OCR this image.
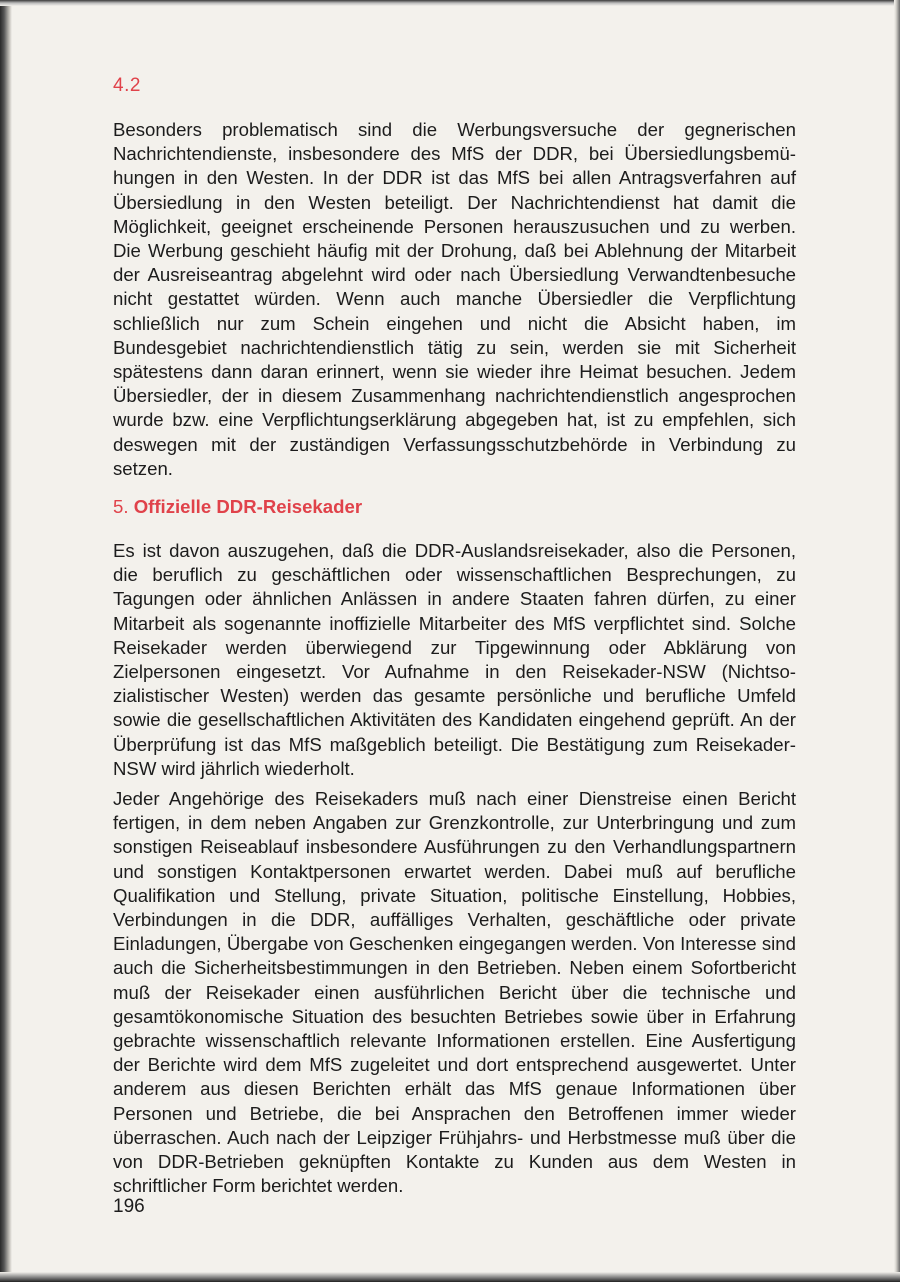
4.2

Besonders problematisch sind die Werbungsversuche der gegnerischen Nachrichtendienste, insbesondere des MfS der DDR, bei Übersiedlungsbemühungen in den Westen. In der DDR ist das MfS bei allen Antragsverfahren auf Übersiedlung in den Westen beteiligt. Der Nachrichtendienst hat damit die Möglichkeit, geeignet erscheinende Personen herauszusuchen und zu werben. Die Werbung geschieht häufig mit der Drohung, daß bei Ablehnung der Mitarbeit der Ausreiseantrag abgelehnt wird oder nach Übersiedlung Verwandtenbesuche nicht gestattet würden. Wenn auch manche Übersiedler die Verpflichtung schließlich nur zum Schein eingehen und nicht die Absicht haben, im Bundesgebiet nachrichtendienstlich tätig zu sein, werden sie mit Sicherheit spätestens dann daran erinnert, wenn sie wieder ihre Heimat besuchen. Jedem Übersiedler, der in diesem Zusammenhang nachrichtendienstlich angesprochen wurde bzw. eine Verpflichtungserklärung abgegeben hat, ist zu empfehlen, sich deswegen mit der zuständigen Verfassungsschutzbehörde in Verbindung zu setzen.

5. Offizielle DDR-Reisekader

Es ist davon auszugehen, daß die DDR-Auslandsreisekader, also die Personen, die beruflich zu geschäftlichen oder wissenschaftlichen Besprechungen, zu Tagungen oder ähnlichen Anlässen in andere Staaten fahren dürfen, zu einer Mitarbeit als sogenannte inoffizielle Mitarbeiter des MfS verpflichtet sind. Solche Reisekader werden überwiegend zur Tipgewinnung oder Abklärung von Zielpersonen eingesetzt. Vor Aufnahme in den Reisekader-NSW (Nichtsozialistischer Westen) werden das gesamte persönliche und berufliche Umfeld sowie die gesellschaftlichen Aktivitäten des Kandidaten eingehend geprüft. An der Überprüfung ist das MfS maßgeblich beteiligt. Die Bestätigung zum Reisekader-NSW wird jährlich wiederholt.

Jeder Angehörige des Reisekaders muß nach einer Dienstreise einen Bericht fertigen, in dem neben Angaben zur Grenzkontrolle, zur Unterbringung und zum sonstigen Reiseablauf insbesondere Ausführungen zu den Verhandlungspartnern und sonstigen Kontaktpersonen erwartet werden. Dabei muß auf berufliche Qualifikation und Stellung, private Situation, politische Einstellung, Hobbies, Verbindungen in die DDR, auffälliges Verhalten, geschäftliche oder private Einladungen, Übergabe von Geschenken eingegangen werden. Von Interesse sind auch die Sicherheitsbestimmungen in den Betrieben. Neben einem Sofortbericht muß der Reisekader einen ausführlichen Bericht über die technische und gesamtökonomische Situation des besuchten Betriebes sowie über in Erfahrung gebrachte wissenschaftlich relevante Informationen erstellen. Eine Ausfertigung der Berichte wird dem MfS zugeleitet und dort entsprechend ausgewertet. Unter anderem aus diesen Berichten erhält das MfS genaue Informationen über Personen und Betriebe, die bei Ansprachen den Betroffenen immer wieder überraschen. Auch nach der Leipziger Frühjahrs- und Herbstmesse muß über die von DDR-Betrieben geknüpften Kontakte zu Kunden aus dem Westen in schriftlicher Form berichtet werden.

196
